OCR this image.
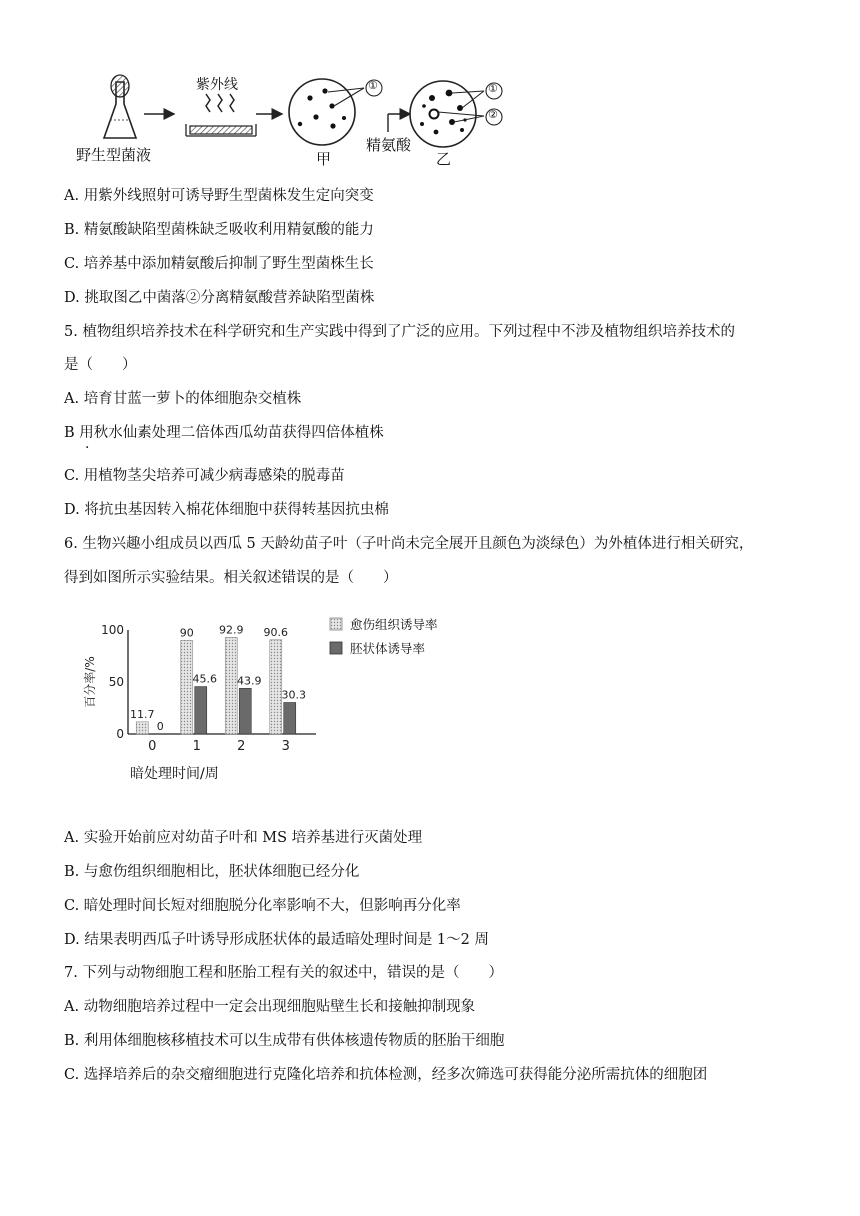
野生型菌液
紫外线
甲
精氨酸
乙
①	①
②
A. 用紫外线照射可诱导野生型菌株发生定向突变
B. 精氨酸缺陷型菌株缺乏吸收利用精氨酸的能力
C. 培养基中添加精氨酸后抑制了野生型菌株生长
D. 挑取图乙中菌落②分离精氨酸营养缺陷型菌株
5. 植物组织培养技术在科学研究和生产实践中得到了广泛的应用。下列过程中不涉及植物组织培养技术的
是（　　）
A. 培育甘蓝一萝卜的体细胞杂交植株
B 用秋水仙素处理二倍体西瓜幼苗获得四倍体植株
·
C. 用植物茎尖培养可减少病毒感染的脱毒苗
D. 将抗虫基因转入棉花体细胞中获得转基因抗虫棉
6. 生物兴趣小组成员以西瓜 5 天龄幼苗子叶（子叶尚未完全展开且颜色为淡绿色）为外植体进行相关研究，
得到如图所示实验结果。相关叙述错误的是（　　）
0
50
100
百分率/%
0	1	2	3
暗处理时间/周
11.7
0
90
45.6
92.9
43.9
90.6
30.3
愈伤组织诱导率
胚状体诱导率
A. 实验开始前应对幼苗子叶和 MS 培养基进行灭菌处理
B. 与愈伤组织细胞相比，胚状体细胞已经分化
C. 暗处理时间长短对细胞脱分化率影响不大，但影响再分化率
D. 结果表明西瓜子叶诱导形成胚状体的最适暗处理时间是 1～2 周
7. 下列与动物细胞工程和胚胎工程有关的叙述中，错误的是（　　）
A. 动物细胞培养过程中一定会出现细胞贴壁生长和接触抑制现象
B. 利用体细胞核移植技术可以生成带有供体核遗传物质的胚胎干细胞
C. 选择培养后的杂交瘤细胞进行克隆化培养和抗体检测，经多次筛选可获得能分泌所需抗体的细胞团
